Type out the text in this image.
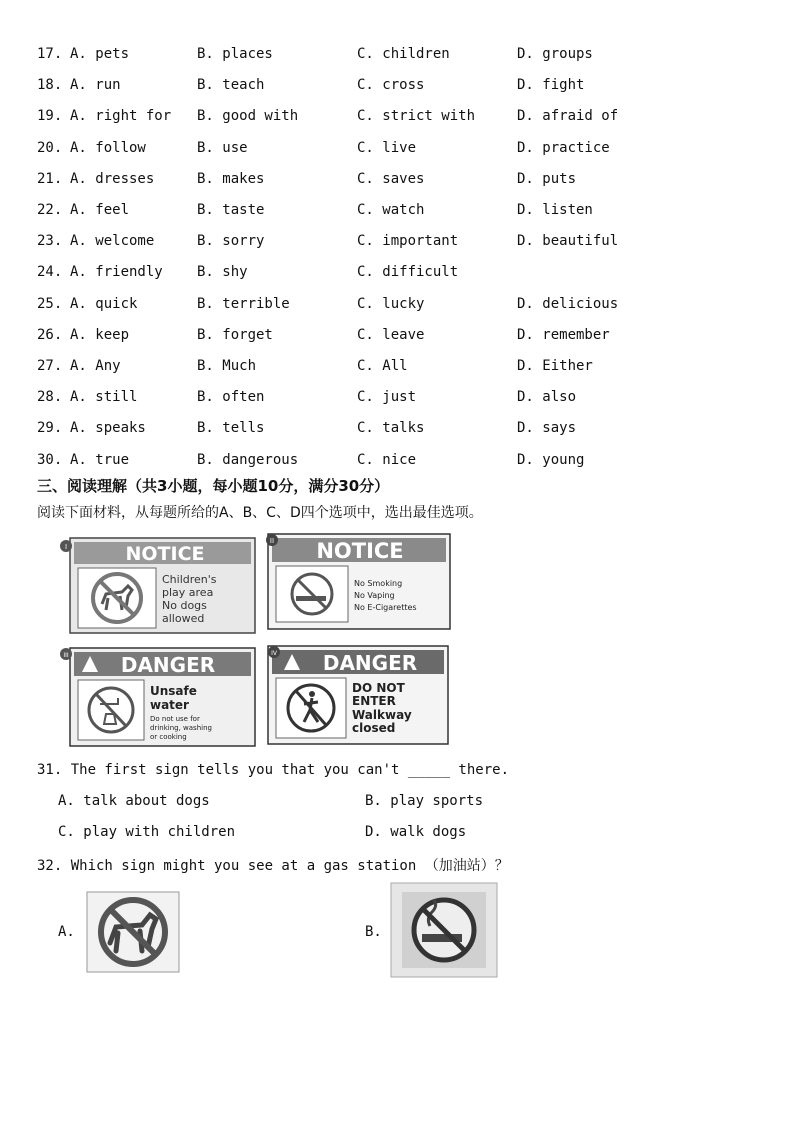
17. A. pets	B. places	C. children	D. groups
18. A. run	B. teach	C. cross	D. fight
19. A. right for B. good with	C. strict with	D. afraid of
20. A. follow	B. use	C. live	D. practice
21. A. dresses	B. makes	C. saves	D. puts
22. A. feel	B. taste	C. watch	D. listen
23. A. welcome	B. sorry	C. important	D. beautiful
24. A. friendly B. shy	C. difficult
25. A. quick	B. terrible	C. lucky	D. delicious
26. A. keep	B. forget	C. leave	D. remember
27. A. Any	B. Much	C. All	D. Either
28. A. still	B. often	C. just	D. also
29. A. speaks	B. tells	C. talks	D. says
30. A. true	B. dangerous	C. nice	D. young
三、阅读理解（共3小题，每小题10分，满分30分）
阅读下面材料，从每题所给的A、B、C、D四个选项中，选出最佳选项。
NOTICE
I
Children's
play area
No dogs
allowed
NOTICE
II
No Smoking
No Vaping
No E-Cigarettes
DANGER
III
Unsafe
water
Do not use for
drinking, washing
or cooking
DANGER
IV
DO NOT
ENTER
Walkway
closed
31. The first sign tells you that you can't _____ there.
A. talk about dogs	B. play sports
C. play with children	D. walk dogs
32. Which sign might you see at a gas station （加油站）？
A.	B.
